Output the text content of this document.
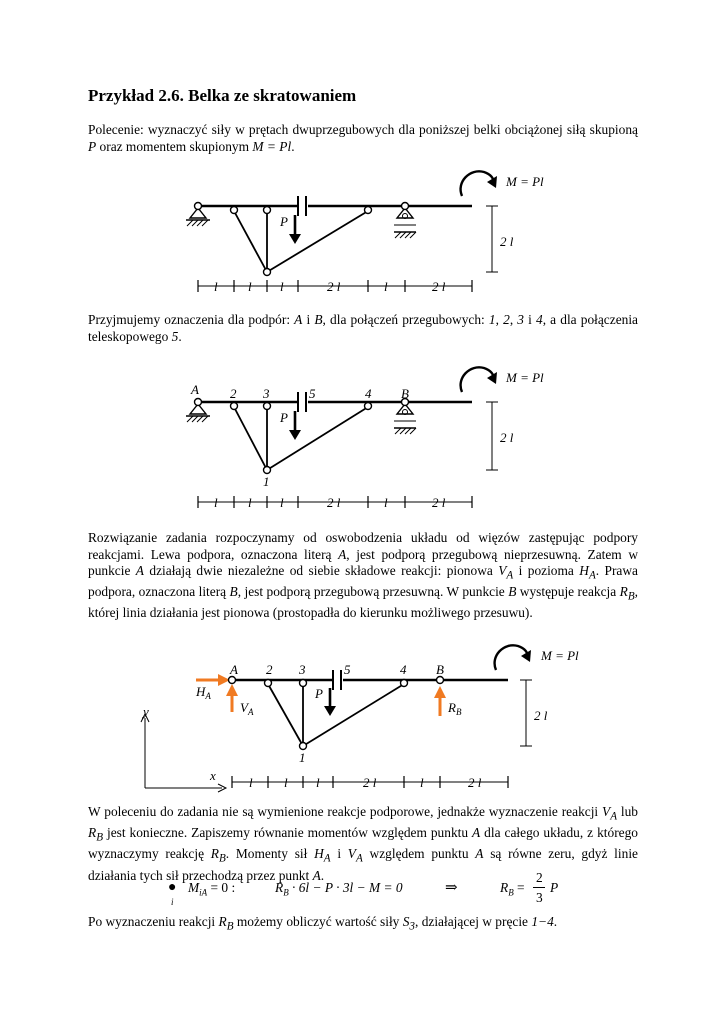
Przykład 2.6. Belka ze skratowaniem
Polecenie: wyznaczyć siły w prętach dwuprzegubowych dla poniższej belki obciążonej siłą skupioną P oraz momentem skupionym M = Pl.
M = Pl
P
2 l
l l l	2 l	l	2 l
Przyjmujemy oznaczenia dla podpór: A i B, dla połączeń przegubowych: 1, 2, 3 i 4, a dla połączenia teleskopowego 5.
A 2 3	5	4 B
1
M = Pl
P
2 l
l l l	2 l	l	2 l
Rozwiązanie zadania rozpoczynamy od oswobodzenia układu od więzów zastępując podpory reakcjami. Lewa podpora, oznaczona literą A, jest podporą przegubową nieprzesuwną. Zatem w punkcie A działają dwie niezależne od siebie składowe reakcji: pionowa $V_A$ i pozioma $H_A$. Prawa podpora, oznaczona literą B, jest podporą przegubową przesuwną. W punkcie B występuje reakcja $R_B$, której linia działania jest pionowa (prostopadła do kierunku możliwego przesuwu).
A 2 3	5	4 B
1
M = Pl
P
2 l
$H_A$
$V_A$	$R_B$
y
x	l l l	2 l	l	2 l
W poleceniu do zadania nie są wymienione reakcje podporowe, jednakże wyznaczenie reakcji $V_A$ lub $R_B$ jest konieczne. Zapiszemy równanie momentów względem punktu A dla całego układu, z którego wyznaczymy reakcję $R_B$. Momenty sił $H_A$ i $V_A$ względem punktu A są równe zeru, gdyż linie działania tych sił przechodzą przez punkt A.
●
i
$M_{iA} = 0$ :	$R_B \cdot 6l - P \cdot 3l - M = 0$	⇒	$R_B$ =
2
3
P
Po wyznaczeniu reakcji $R_B$ możemy obliczyć wartość siły $S_3$, działającej w pręcie 1−4.
